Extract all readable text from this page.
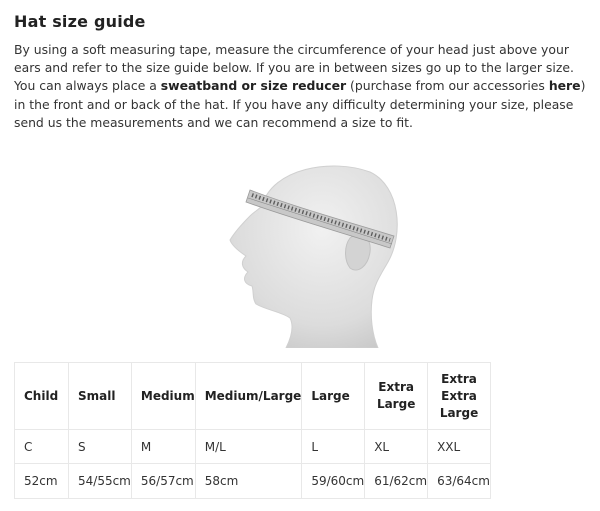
Hat size guide

By using a soft measuring tape, measure the circumference of your head just above your ears and refer to the size guide below. If you are in between sizes go up to the larger size. You can always place a sweatband or size reducer (purchase from our accessories here) in the front and or back of the hat. If you have any difficulty determining your size, please send us the measurements and we can recommend a size to fit.

Child	Small	Medium	Medium/Large	Large	Extra Large	Extra Extra Large
C	S	M	M/L	L	XL	XXL
52cm	54/55cm	56/57cm	58cm	59/60cm	61/62cm	63/64cm
